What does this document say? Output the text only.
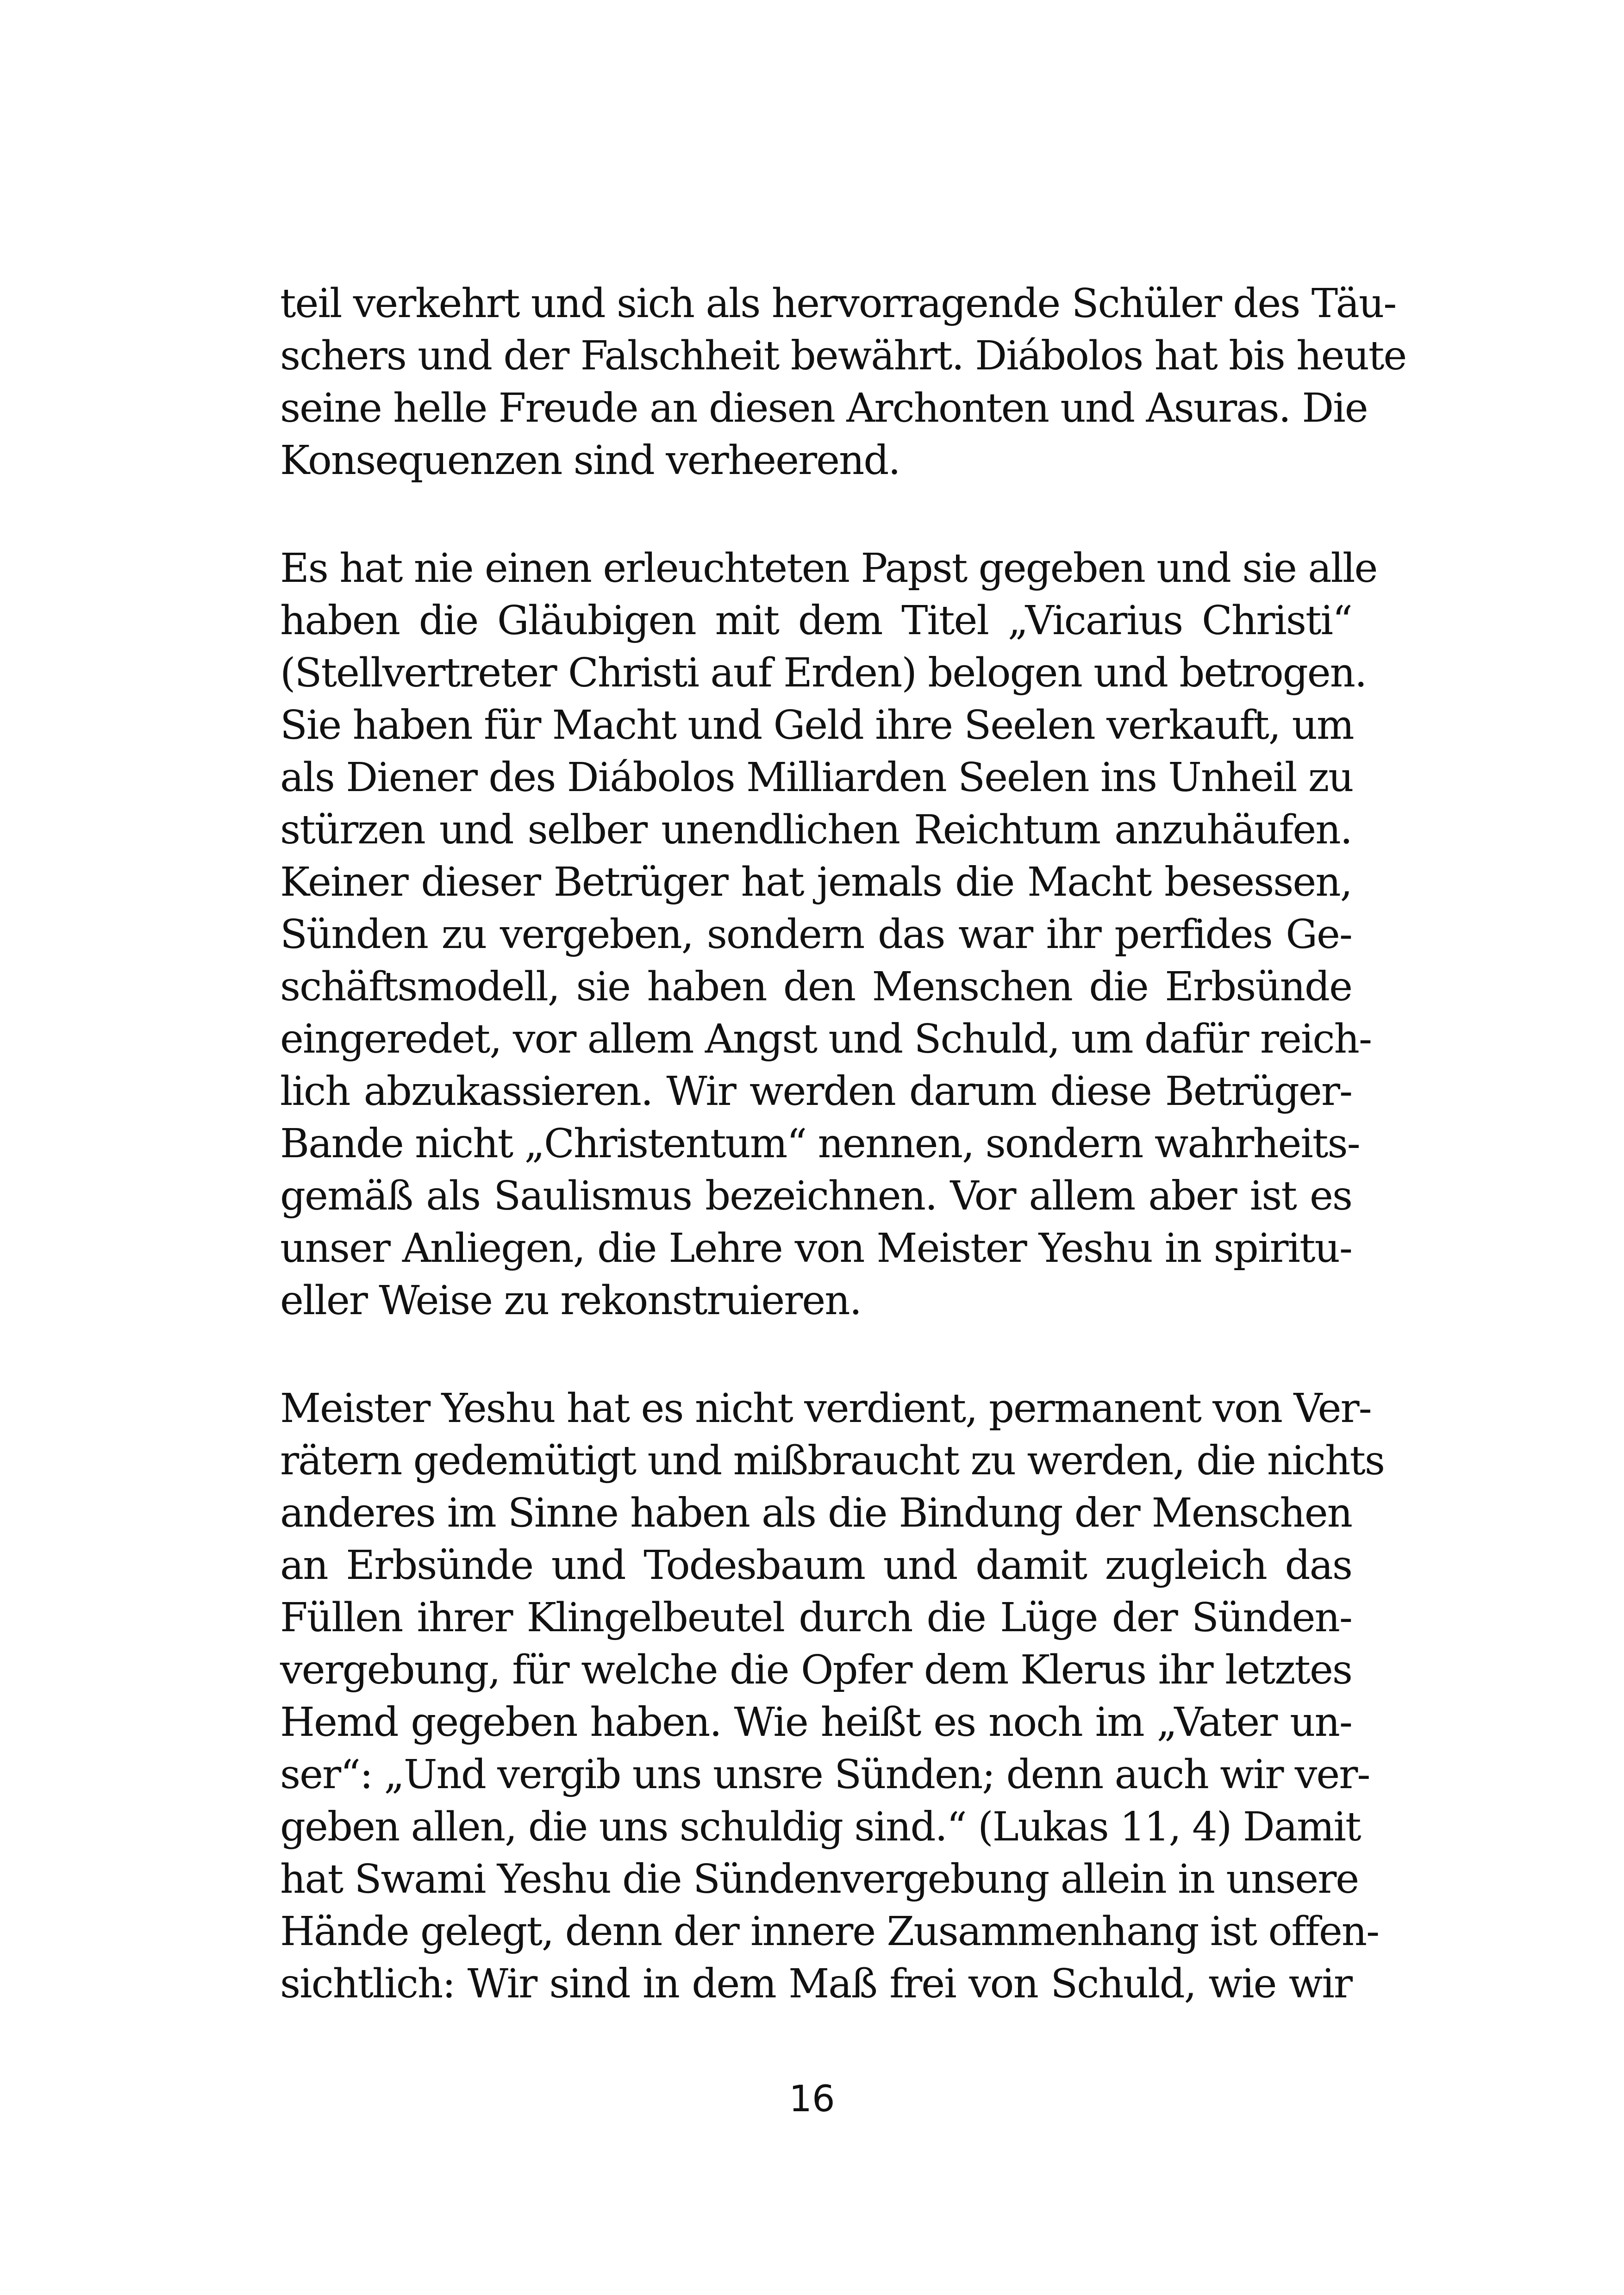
teil verkehrt und sich als hervorragende Schüler des Täu-
schers und der Falschheit bewährt. Diábolos hat bis heute
seine helle Freude an diesen Archonten und Asuras. Die
Konsequenzen sind verheerend.
Es hat nie einen erleuchteten Papst gegeben und sie alle
haben die Gläubigen mit dem Titel „Vicarius Christi“
(Stellvertreter Christi auf Erden) belogen und betrogen.
Sie haben für Macht und Geld ihre Seelen verkauft, um
als Diener des Diábolos Milliarden Seelen ins Unheil zu
stürzen und selber unendlichen Reichtum anzuhäufen.
Keiner dieser Betrüger hat jemals die Macht besessen,
Sünden zu vergeben, sondern das war ihr perfides Ge-
schäftsmodell, sie haben den Menschen die Erbsünde
eingeredet, vor allem Angst und Schuld, um dafür reich-
lich abzukassieren. Wir werden darum diese Betrüger-
Bande nicht „Christentum“ nennen, sondern wahrheits-
gemäß als Saulismus bezeichnen. Vor allem aber ist es
unser Anliegen, die Lehre von Meister Yeshu in spiritu-
eller Weise zu rekonstruieren.
Meister Yeshu hat es nicht verdient, permanent von Ver-
rätern gedemütigt und mißbraucht zu werden, die nichts
anderes im Sinne haben als die Bindung der Menschen
an Erbsünde und Todesbaum und damit zugleich das
Füllen ihrer Klingelbeutel durch die Lüge der Sünden-
vergebung, für welche die Opfer dem Klerus ihr letztes
Hemd gegeben haben. Wie heißt es noch im „Vater un-
ser“: „Und vergib uns unsre Sünden; denn auch wir ver-
geben allen, die uns schuldig sind.“ (Lukas 11, 4) Damit
hat Swami Yeshu die Sündenvergebung allein in unsere
Hände gelegt, denn der innere Zusammenhang ist offen-
sichtlich: Wir sind in dem Maß frei von Schuld, wie wir
16
